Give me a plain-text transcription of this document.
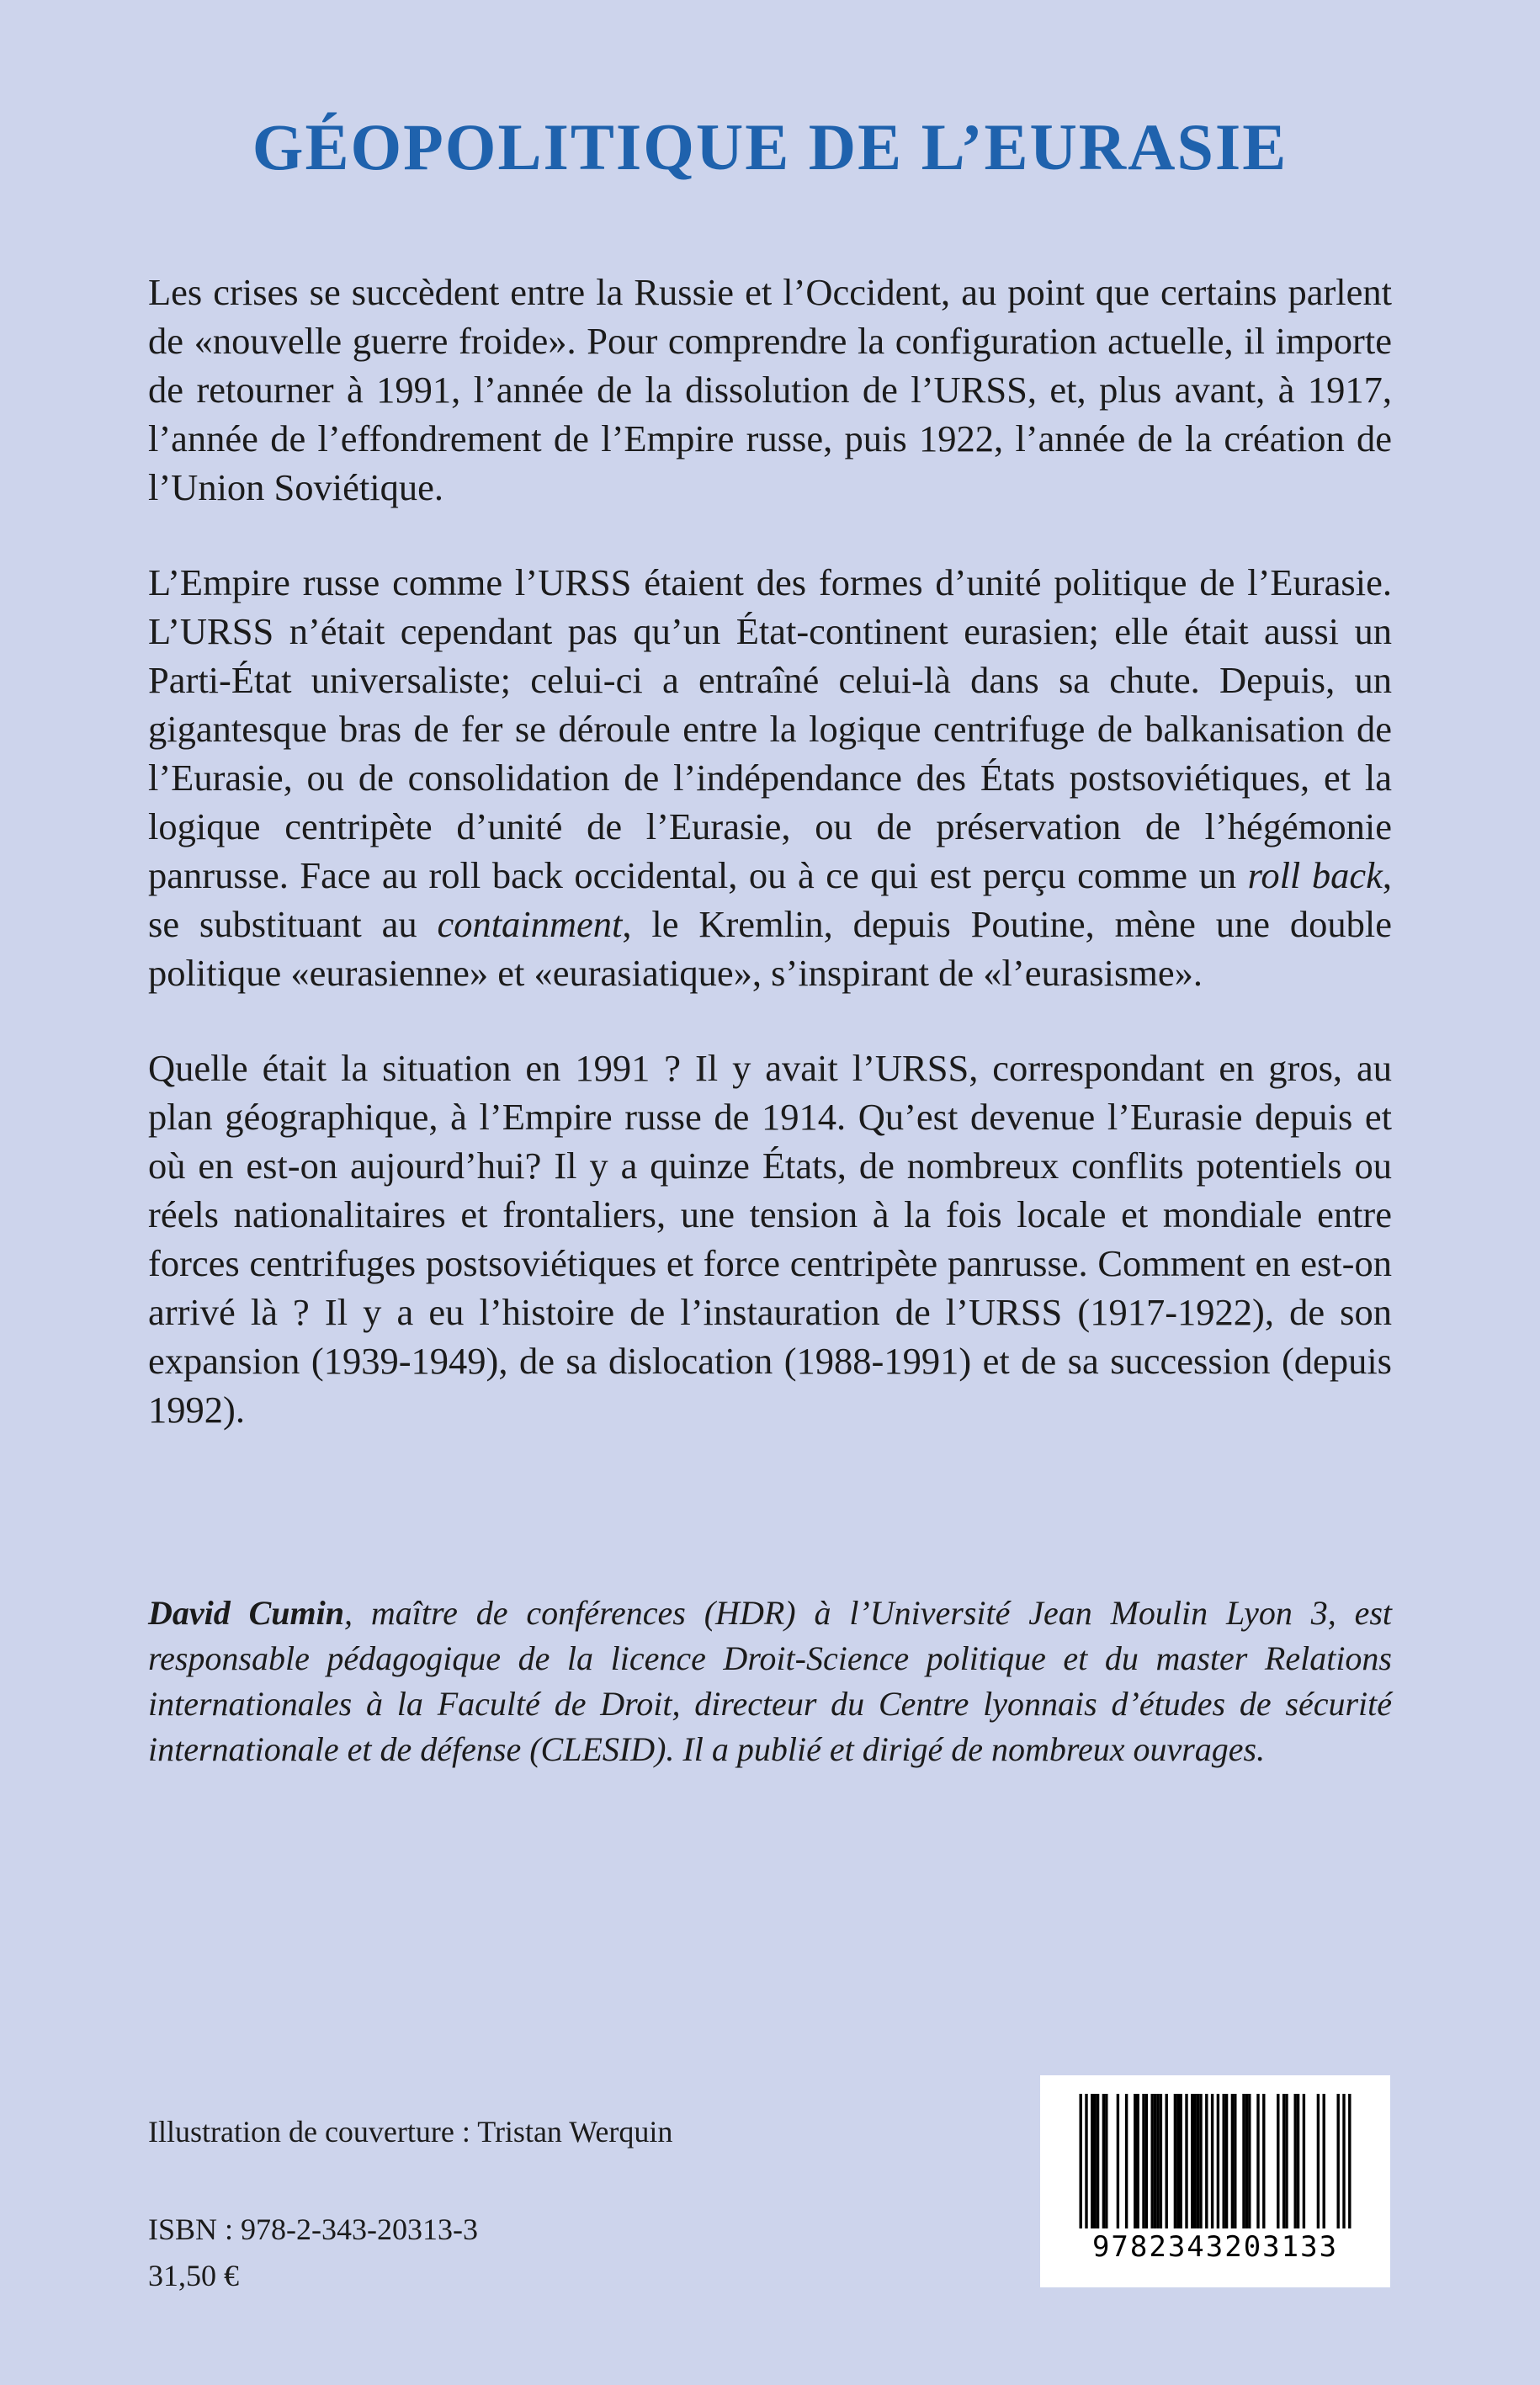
GÉOPOLITIQUE DE L’EURASIE

Les crises se succèdent entre la Russie et l’Occident, au point que certains parlent de «nouvelle guerre froide». Pour comprendre la configuration actuelle, il importe de retourner à 1991, l’année de la dissolution de l’URSS, et, plus avant, à 1917, l’année de l’effondrement de l’Empire russe, puis 1922, l’année de la création de l’Union Soviétique.

L’Empire russe comme l’URSS étaient des formes d’unité politique de l’Eurasie. L’URSS n’était cependant pas qu’un État-continent eurasien; elle était aussi un Parti-État universaliste; celui-ci a entraîné celui-là dans sa chute. Depuis, un gigantesque bras de fer se déroule entre la logique centrifuge de balkanisation de l’Eurasie, ou de consolidation de l’indépendance des États postsoviétiques, et la logique centripète d’unité de l’Eurasie, ou de préservation de l’hégémonie panrusse. Face au roll back occidental, ou à ce qui est perçu comme un roll back, se substituant au containment, le Kremlin, depuis Poutine, mène une double politique «eurasienne» et «eurasiatique», s’inspirant de «l’eurasisme».

Quelle était la situation en 1991 ? Il y avait l’URSS, correspondant en gros, au plan géographique, à l’Empire russe de 1914. Qu’est devenue l’Eurasie depuis et où en est-on aujourd’hui? Il y a quinze États, de nombreux conflits potentiels ou réels nationalitaires et frontaliers, une tension à la fois locale et mondiale entre forces centrifuges postsoviétiques et force centripète panrusse. Comment en est-on arrivé là ? Il y a eu l’histoire de l’instauration de l’URSS (1917-1922), de son expansion (1939-1949), de sa dislocation (1988-1991) et de sa succession (depuis 1992).

David Cumin, maître de conférences (HDR) à l’Université Jean Moulin Lyon 3, est responsable pédagogique de la licence Droit-Science politique et du master Relations internationales à la Faculté de Droit, directeur du Centre lyonnais d’études de sécurité internationale et de défense (CLESID). Il a publié et dirigé de nombreux ouvrages.

Illustration de couverture : Tristan Werquin

ISBN : 978-2-343-20313-3

31,50 €

9782343203133
